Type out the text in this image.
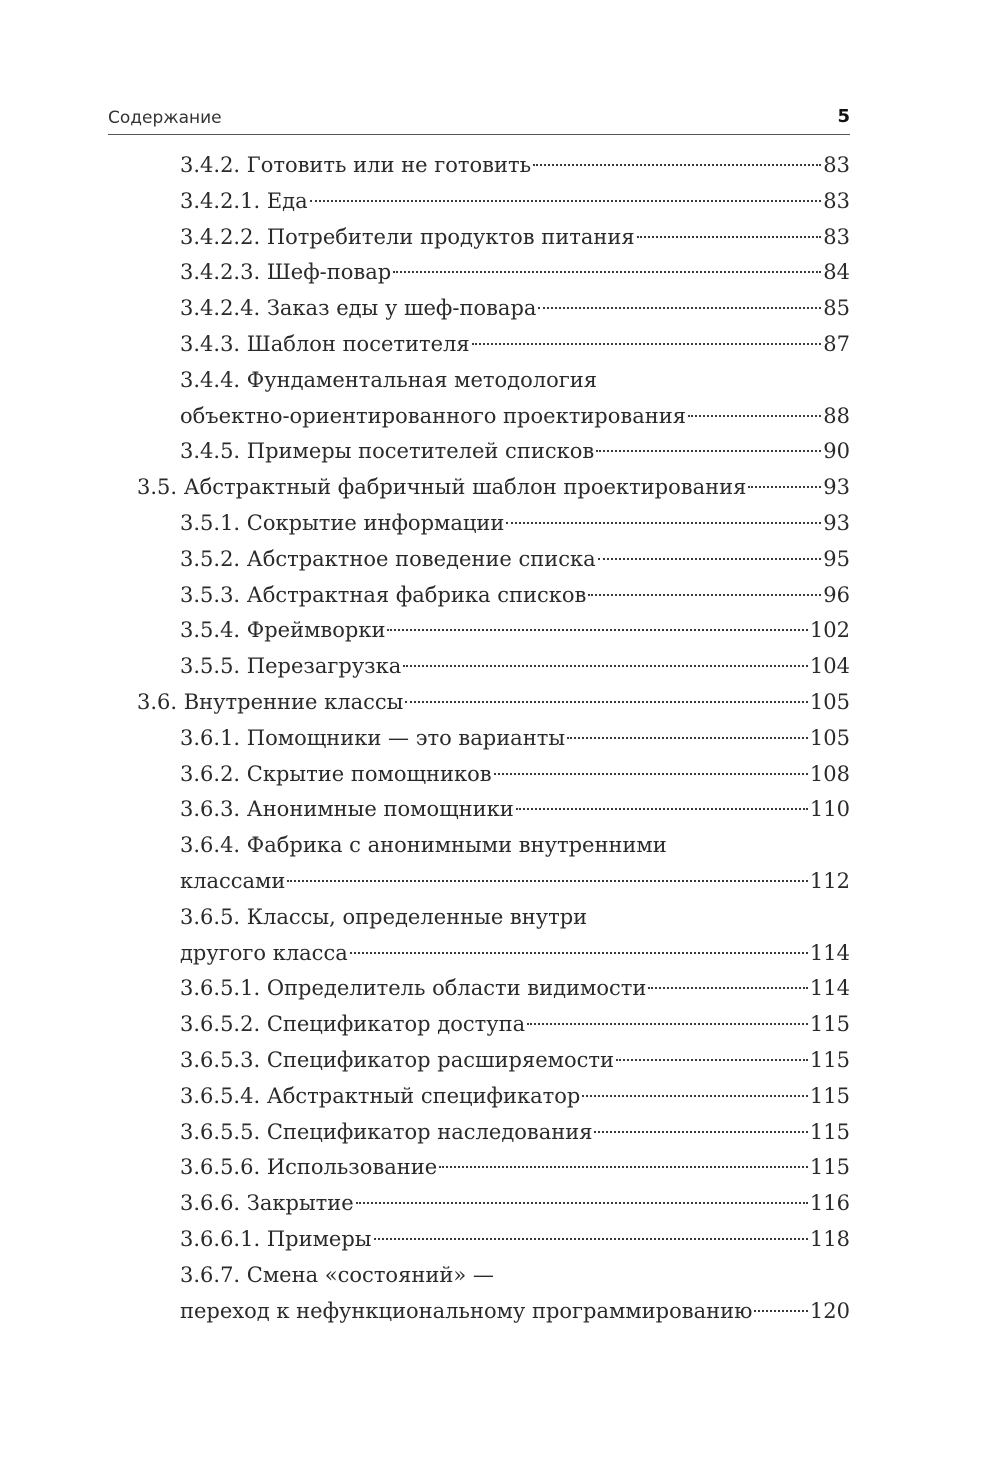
Содержание	5
3.4.2. Готовить или не готовить	83
3.4.2.1. Еда	83
3.4.2.2. Потребители продуктов питания	83
3.4.2.3. Шеф-повар	84
3.4.2.4. Заказ еды у шеф-повара	85
3.4.3. Шаблон посетителя	87
3.4.4. Фундаментальная методология
объектно-ориентированного проектирования	88
3.4.5. Примеры посетителей списков	90
3.5. Абстрактный фабричный шаблон проектирования	93
3.5.1. Сокрытие информации	93
3.5.2. Абстрактное поведение списка	95
3.5.3. Абстрактная фабрика списков	96
3.5.4. Фреймворки	102
3.5.5. Перезагрузка	104
3.6. Внутренние классы	105
3.6.1. Помощники — это варианты	105
3.6.2. Скрытие помощников	108
3.6.3. Анонимные помощники	110
3.6.4. Фабрика с анонимными внутренними
классами	112
3.6.5. Классы, определенные внутри
другого класса	114
3.6.5.1. Определитель области видимости	114
3.6.5.2. Спецификатор доступа	115
3.6.5.3. Спецификатор расширяемости	115
3.6.5.4. Абстрактный спецификатор	115
3.6.5.5. Спецификатор наследования	115
3.6.5.6. Использование	115
3.6.6. Закрытие	116
3.6.6.1. Примеры	118
3.6.7. Смена «состояний» —
переход к нефункциональному программированию	120
